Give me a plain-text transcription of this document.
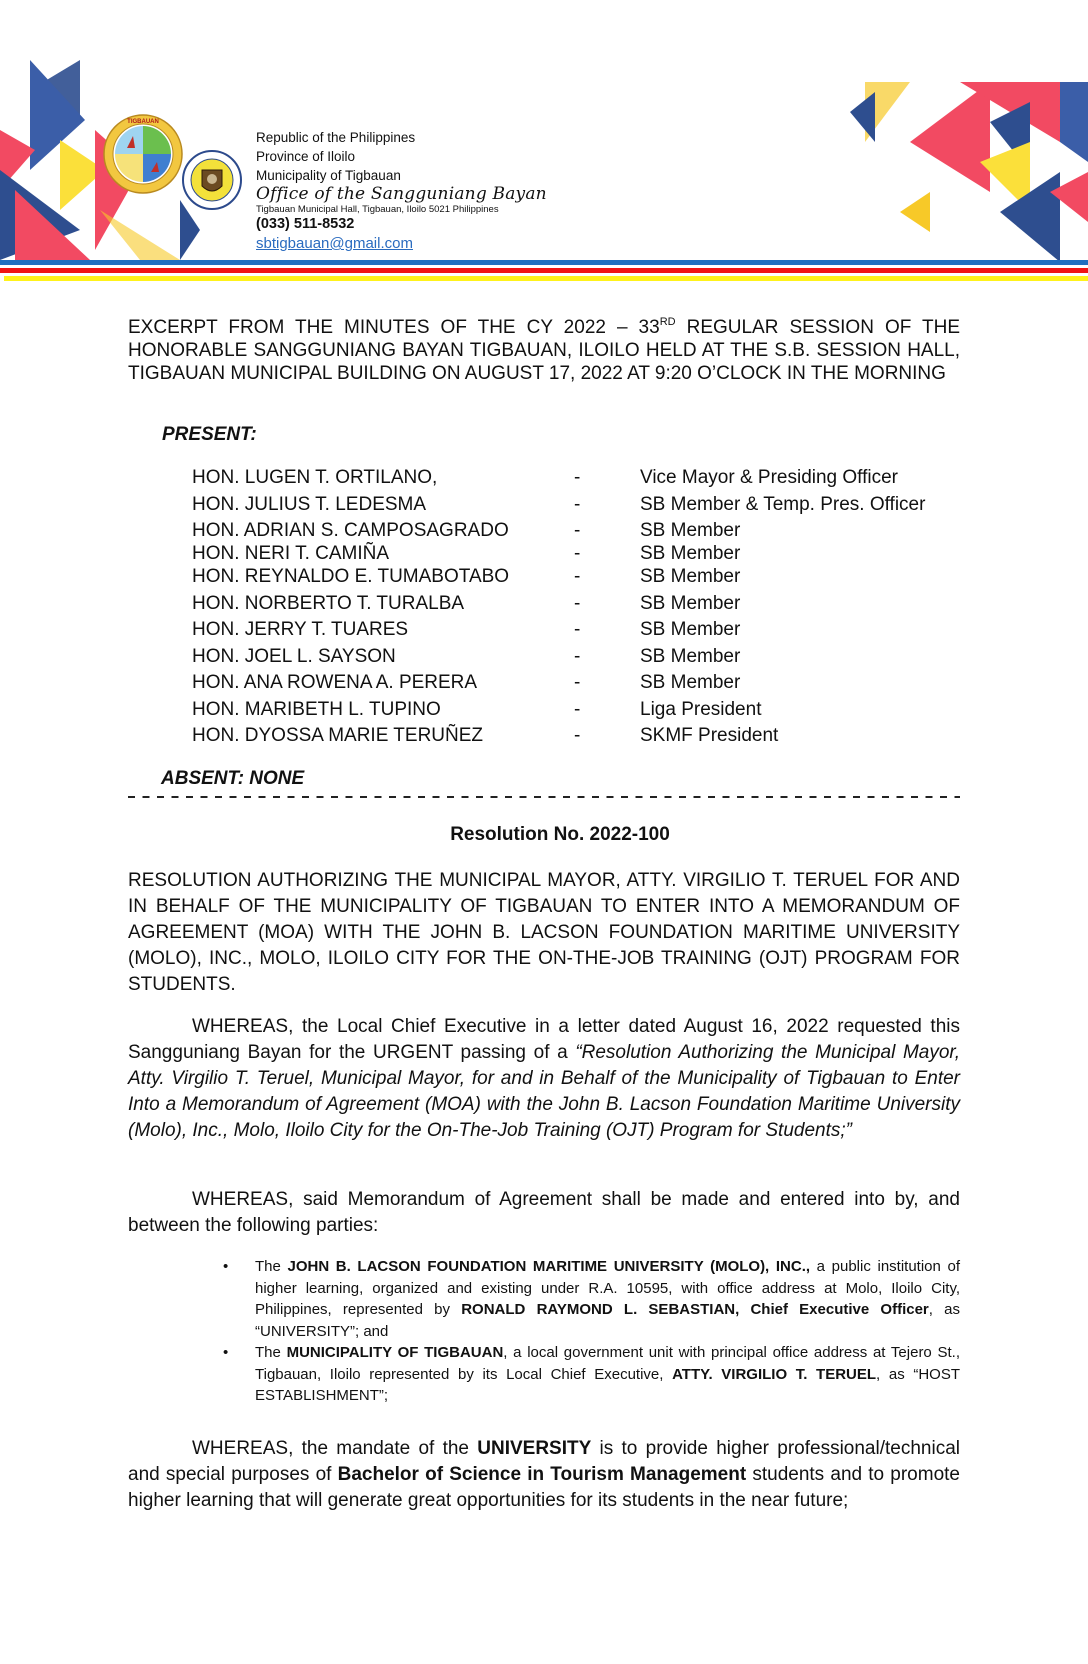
TIGBAUAN
Republic of the Philippines
Province of Iloilo
Municipality of Tigbauan
Office of the Sangguniang Bayan
Tigbauan Municipal Hall, Tigbauan, Iloilo 5021 Philippines
(033) 511-8532
sbtigbauan@gmail.com
EXCERPT FROM THE MINUTES OF THE CY 2022 – 33RD REGULAR SESSION OF THE HONORABLE SANGGUNIANG BAYAN TIGBAUAN, ILOILO HELD AT THE S.B. SESSION HALL, TIGBAUAN MUNICIPAL BUILDING ON AUGUST 17, 2022 AT 9:20 O’CLOCK IN THE MORNING
PRESENT:
HON. LUGEN T. ORTILANO,	-	Vice Mayor & Presiding Officer
HON. JULIUS T. LEDESMA	-	SB Member & Temp. Pres. Officer
HON. ADRIAN S. CAMPOSAGRADO	-	SB Member
HON. NERI T. CAMIÑA	-	SB Member
HON. REYNALDO E. TUMABOTABO	-	SB Member
HON. NORBERTO T. TURALBA	-	SB Member
HON. JERRY T. TUARES	-	SB Member
HON. JOEL L. SAYSON	-	SB Member
HON. ANA ROWENA A. PERERA	-	SB Member
HON. MARIBETH L. TUPINO	-	Liga President
HON. DYOSSA MARIE TERUÑEZ	-	SKMF President
ABSENT: NONE
Resolution No. 2022-100
RESOLUTION AUTHORIZING THE MUNICIPAL MAYOR, ATTY. VIRGILIO T. TERUEL FOR AND IN BEHALF OF THE MUNICIPALITY OF TIGBAUAN TO ENTER INTO A MEMORANDUM OF AGREEMENT (MOA) WITH THE JOHN B. LACSON FOUNDATION MARITIME UNIVERSITY (MOLO), INC., MOLO, ILOILO CITY FOR THE ON-THE-JOB TRAINING (OJT) PROGRAM FOR STUDENTS.
WHEREAS, the Local Chief Executive in a letter dated August 16, 2022 requested this Sangguniang Bayan for the URGENT passing of a “Resolution Authorizing the Municipal Mayor, Atty. Virgilio T. Teruel, Municipal Mayor, for and in Behalf of the Municipality of Tigbauan to Enter Into a Memorandum of Agreement (MOA) with the John B. Lacson Foundation Maritime University (Molo), Inc., Molo, Iloilo City for the On-The-Job Training (OJT) Program for Students;”
WHEREAS, said Memorandum of Agreement shall be made and entered into by, and between the following parties:
• The JOHN B. LACSON FOUNDATION MARITIME UNIVERSITY (MOLO), INC., a public institution of higher learning, organized and existing under R.A. 10595, with office address at Molo, Iloilo City, Philippines, represented by RONALD RAYMOND L. SEBASTIAN, Chief Executive Officer, as “UNIVERSITY”; and
• The MUNICIPALITY OF TIGBAUAN, a local government unit with principal office address at Tejero St., Tigbauan, Iloilo represented by its Local Chief Executive, ATTY. VIRGILIO T. TERUEL, as “HOST ESTABLISHMENT”;
WHEREAS, the mandate of the UNIVERSITY is to provide higher professional/technical and special purposes of Bachelor of Science in Tourism Management students and to promote higher learning that will generate great opportunities for its students in the near future;
